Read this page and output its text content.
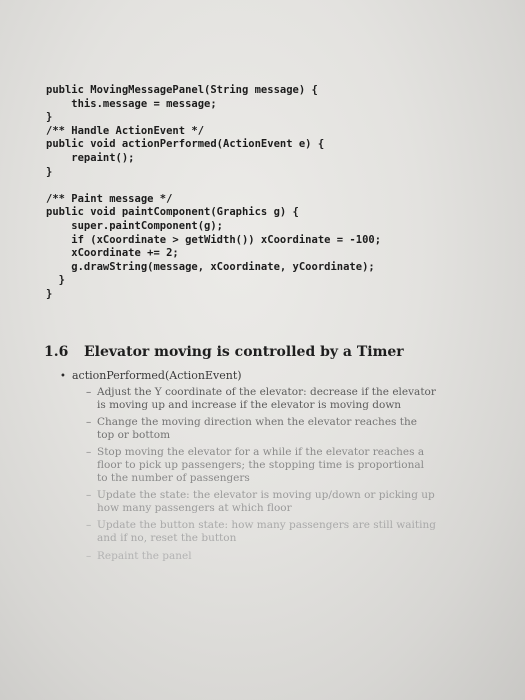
public MovingMessagePanel(String message) {
this.message = message;
}
/** Handle ActionEvent */
public void actionPerformed(ActionEvent e) {
repaint();
}
/** Paint message */
public void paintComponent(Graphics g) {
super.paintComponent(g);
if (xCoordinate > getWidth()) xCoordinate = -100;
xCoordinate += 2;
g.drawString(message, xCoordinate, yCoordinate);
}
}
1.6 Elevator moving is controlled by a Timer
• actionPerformed(ActionEvent)
– Adjust the Y coordinate of the elevator: decrease if the elevator is moving up and increase if the elevator is moving down
– Change the moving direction when the elevator reaches the top or bottom
– Stop moving the elevator for a while if the elevator reaches a floor to pick up passengers; the stopping time is proportional to the number of passengers
– Update the state: the elevator is moving up/down or picking up how many passengers at which floor
– Update the button state: how many passengers are still waiting and if no, reset the button
– Repaint the panel
